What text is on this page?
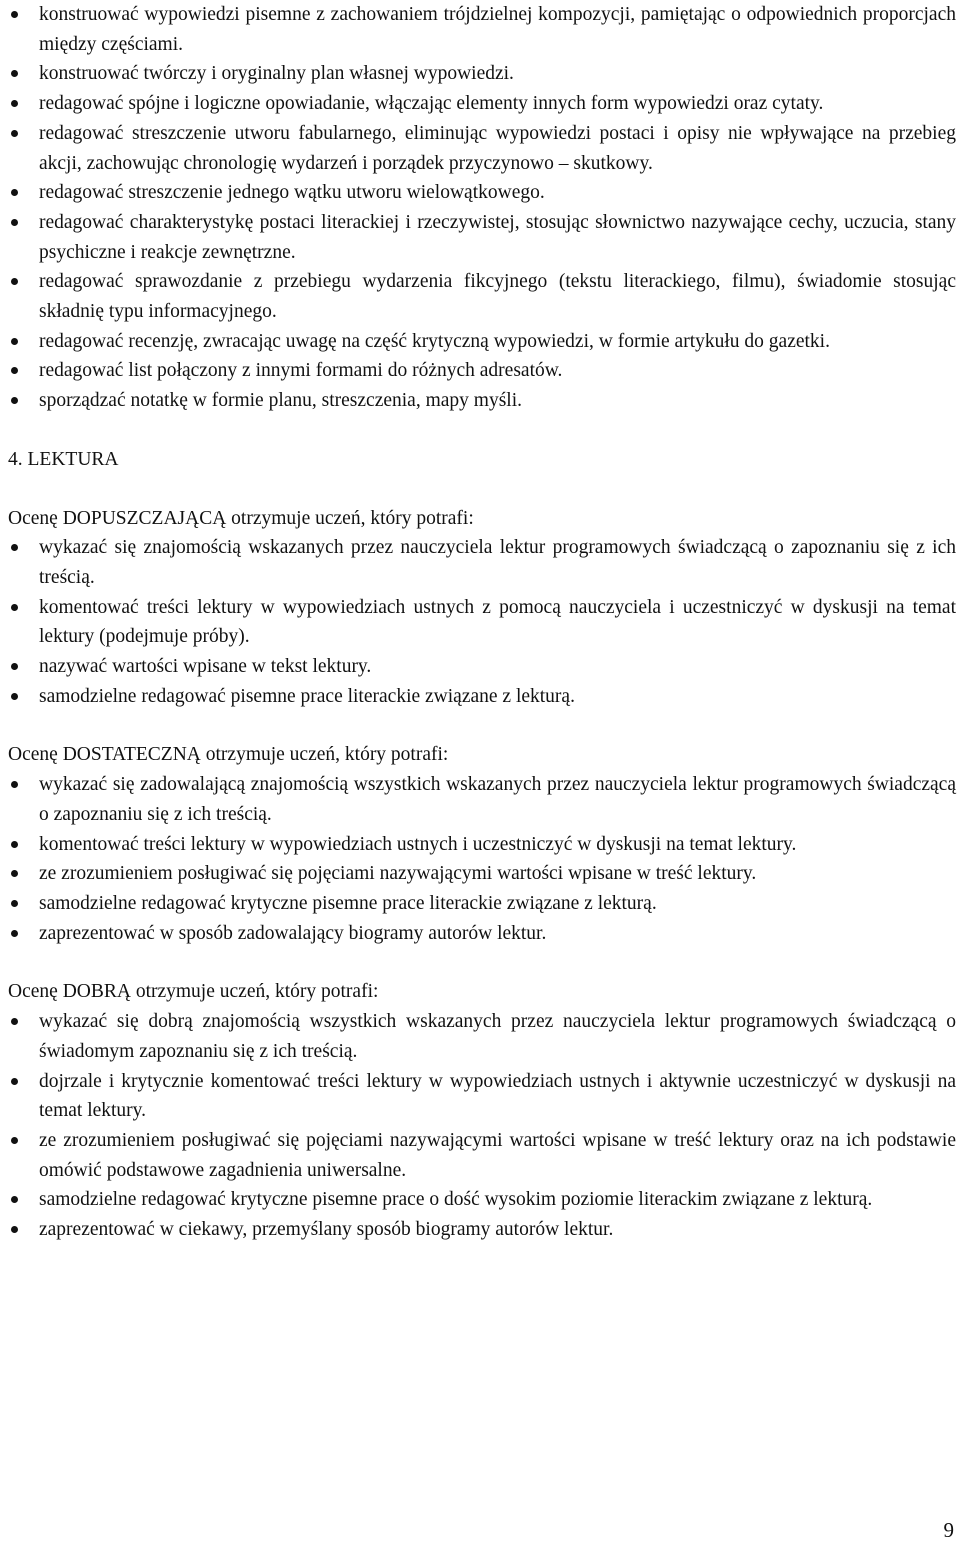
konstruować wypowiedzi pisemne z zachowaniem trójdzielnej kompozycji, pamiętając o odpowiednich proporcjach między częściami.
konstruować twórczy i oryginalny plan własnej wypowiedzi.
redagować spójne i logiczne opowiadanie, włączając elementy innych form wypowiedzi oraz cytaty.
redagować streszczenie utworu fabularnego, eliminując wypowiedzi postaci i opisy nie wpływające na przebieg akcji, zachowując chronologię wydarzeń i porządek przyczynowo – skutkowy.
redagować streszczenie jednego wątku utworu wielowątkowego.
redagować charakterystykę postaci literackiej i rzeczywistej, stosując słownictwo nazywające cechy, uczucia, stany psychiczne i reakcje zewnętrzne.
redagować sprawozdanie z przebiegu wydarzenia fikcyjnego (tekstu literackiego, filmu), świadomie stosując składnię typu informacyjnego.
redagować recenzję, zwracając uwagę na część krytyczną wypowiedzi, w formie artykułu do gazetki.
redagować list połączony z innymi formami do różnych adresatów.
sporządzać notatkę w formie planu, streszczenia, mapy myśli.
4. LEKTURA
Ocenę DOPUSZCZAJĄCĄ otrzymuje uczeń, który potrafi:
wykazać się znajomością wskazanych przez nauczyciela lektur programowych świadczącą o zapoznaniu się z ich treścią.
komentować treści lektury w wypowiedziach ustnych z pomocą nauczyciela i uczestniczyć w dyskusji na temat lektury (podejmuje próby).
nazywać wartości wpisane w tekst lektury.
samodzielne redagować pisemne prace literackie związane z lekturą.
Ocenę DOSTATECZNĄ otrzymuje uczeń, który potrafi:
wykazać się zadowalającą znajomością wszystkich wskazanych przez nauczyciela lektur programowych świadczącą o zapoznaniu się z ich treścią.
komentować treści lektury w wypowiedziach ustnych i uczestniczyć w dyskusji na temat lektury.
ze zrozumieniem posługiwać się pojęciami nazywającymi wartości wpisane w treść lektury.
samodzielne redagować krytyczne pisemne prace literackie związane z lekturą.
zaprezentować w sposób zadowalający biogramy autorów lektur.
Ocenę DOBRĄ otrzymuje uczeń, który potrafi:
wykazać się dobrą znajomością wszystkich wskazanych przez nauczyciela lektur programowych świadczącą o świadomym zapoznaniu się z ich treścią.
dojrzale i krytycznie komentować treści lektury w wypowiedziach ustnych i aktywnie uczestniczyć w dyskusji na temat lektury.
ze zrozumieniem posługiwać się pojęciami nazywającymi wartości wpisane w treść lektury oraz na ich podstawie omówić podstawowe zagadnienia uniwersalne.
samodzielne redagować krytyczne pisemne prace o dość wysokim poziomie literackim związane z lekturą.
zaprezentować w ciekawy, przemyślany sposób biogramy autorów lektur.
9
